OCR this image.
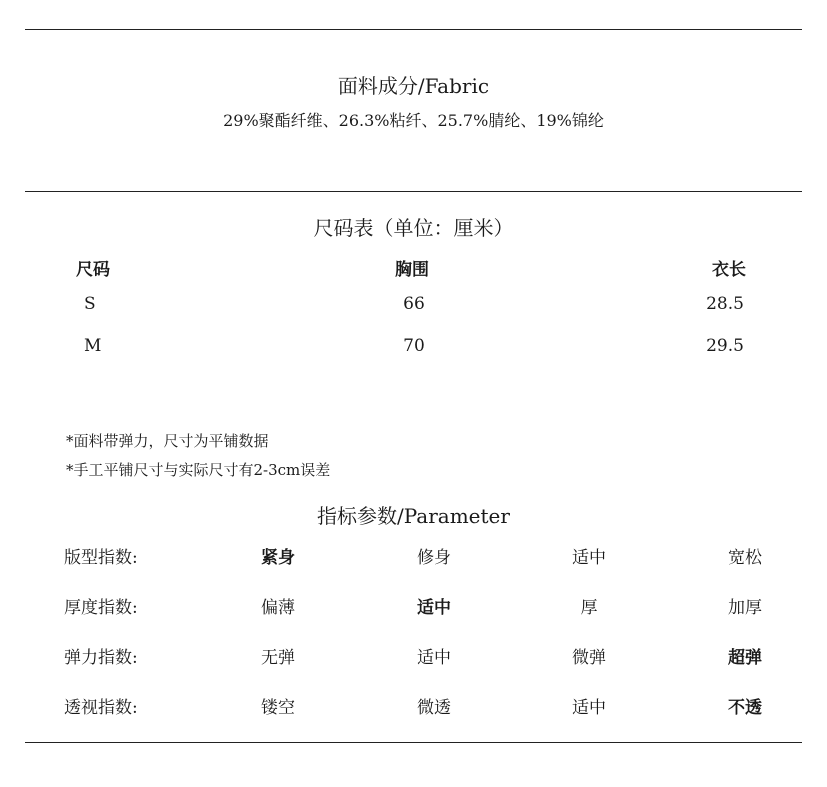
面料成分/Fabric
29%聚酯纤维、26.3%粘纤、25.7%腈纶、19%锦纶
尺码表（单位：厘米）
尺码	胸围	衣长
S	66	28.5
M	70	29.5
*面料带弹力，尺寸为平铺数据
*手工平铺尺寸与实际尺寸有2-3cm误差
指标参数/Parameter
版型指数:	紧身	修身	适中	宽松
厚度指数:	偏薄	适中	厚	加厚
弹力指数:	无弹	适中	微弹	超弹
透视指数:	镂空	微透	适中	不透
